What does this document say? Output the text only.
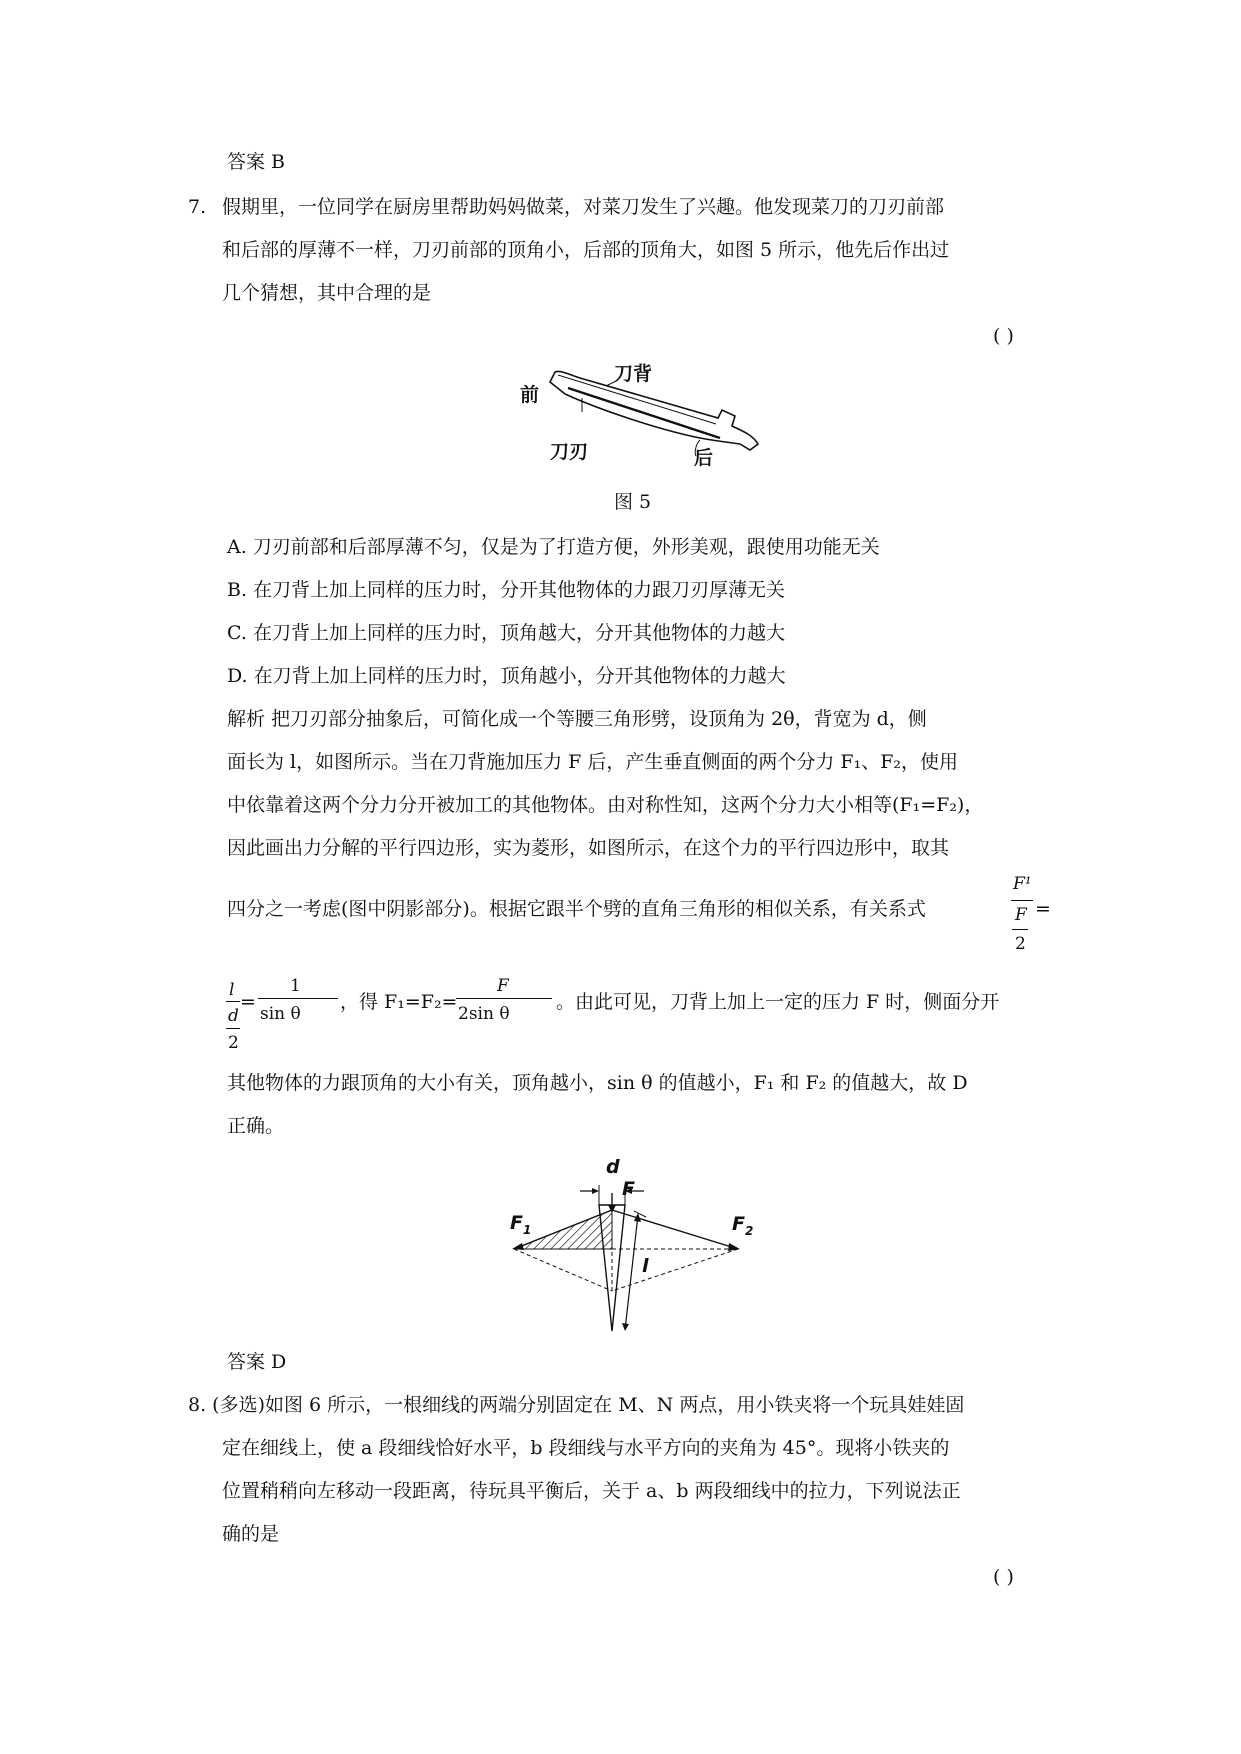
答案 B
7. 假期里，一位同学在厨房里帮助妈妈做菜，对菜刀发生了兴趣。他发现菜刀的刀刃前部
和后部的厚薄不一样，刀刃前部的顶角小，后部的顶角大，如图 5 所示，他先后作出过
几个猜想，其中合理的是
( )
刀背
前
刀刃	后
图 5
A. 刀刃前部和后部厚薄不匀，仅是为了打造方便，外形美观，跟使用功能无关
B. 在刀背上加上同样的压力时，分开其他物体的力跟刀刃厚薄无关
C. 在刀背上加上同样的压力时，顶角越大，分开其他物体的力越大
D. 在刀背上加上同样的压力时，顶角越小，分开其他物体的力越大
解析 把刀刃部分抽象后，可简化成一个等腰三角形劈，设顶角为 2θ，背宽为 d，侧
面长为 l，如图所示。当在刀背施加压力 F 后，产生垂直侧面的两个分力 F₁、F₂，使用
中依靠着这两个分力分开被加工的其他物体。由对称性知，这两个分力大小相等(F₁=F₂)，
因此画出力分解的平行四边形，实为菱形，如图所示，在这个力的平行四边形中，取其
四分之一考虑(图中阴影部分)。根据它跟半个劈的直角三角形的相似关系，有关系式
F¹
F
2
=
l
d
2
=
1
sin θ
，得 F₁=F₂=
F
2sin θ
。由此可见，刀背上加上一定的压力 F 时，侧面分开
其他物体的力跟顶角的大小有关，顶角越小，sin θ 的值越小，F₁ 和 F₂ 的值越大，故 D
正确。
d
F
$F_1$	$F_2$
l
答案 D
8. (多选)如图 6 所示，一根细线的两端分别固定在 M、N 两点，用小铁夹将一个玩具娃娃固
定在细线上，使 a 段细线恰好水平，b 段细线与水平方向的夹角为 45°。现将小铁夹的
位置稍稍向左移动一段距离，待玩具平衡后，关于 a、b 两段细线中的拉力，下列说法正
确的是
( )
